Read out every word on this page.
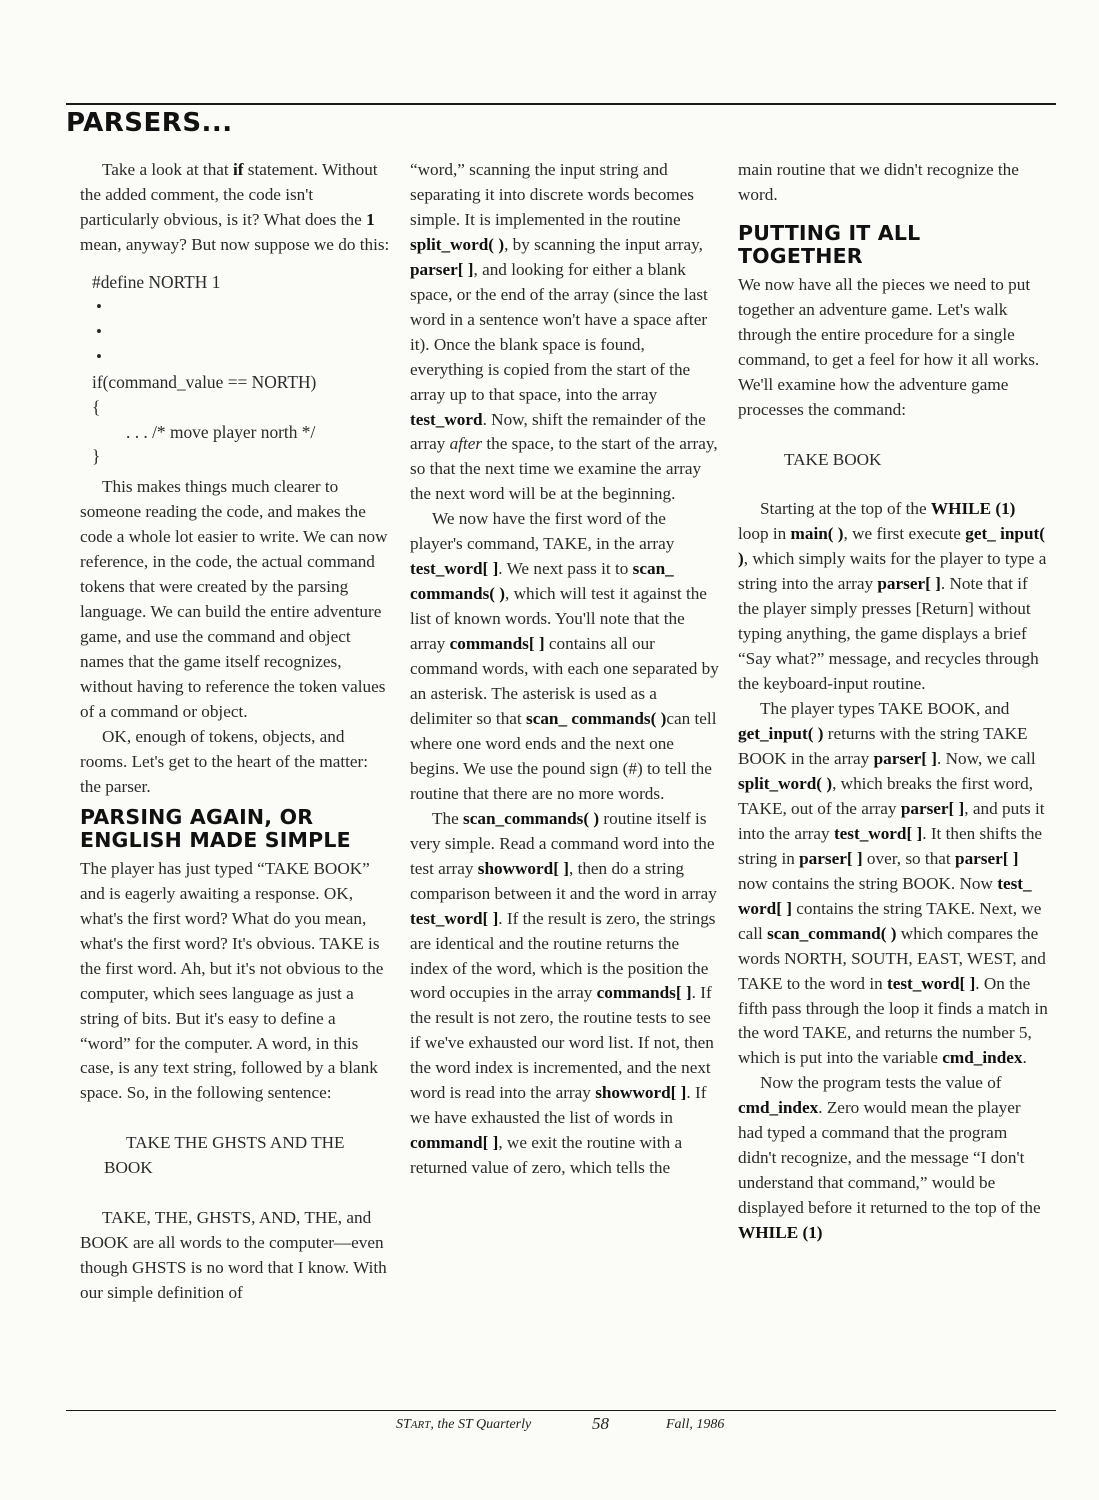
PARSERS...

Take a look at that if statement. Without the added comment, the code isn't particularly obvious, is it? What does the 1 mean, anyway? But now suppose we do this:

#define NORTH 1
•
•
•
if(command_value == NORTH)
{
. . . /* move player north */
}

This makes things much clearer to someone reading the code, and makes the code a whole lot easier to write. We can now reference, in the code, the actual command tokens that were created by the parsing language. We can build the entire adventure game, and use the command and object names that the game itself recognizes, without having to reference the token values of a command or object.

OK, enough of tokens, objects, and rooms. Let's get to the heart of the matter: the parser.

PARSING AGAIN, OR ENGLISH MADE SIMPLE

The player has just typed “TAKE BOOK” and is eagerly awaiting a response. OK, what's the first word? What do you mean, what's the first word? It's obvious. TAKE is the first word. Ah, but it's not obvious to the computer, which sees language as just a string of bits. But it's easy to define a “word” for the computer. A word, in this case, is any text string, followed by a blank space. So, in the following sentence:

TAKE THE GHSTS AND THE BOOK

TAKE, THE, GHSTS, AND, THE, and BOOK are all words to the computer—even though GHSTS is no word that I know. With our simple definition of

“word,” scanning the input string and separating it into discrete words becomes simple. It is implemented in the routine split_word( ), by scanning the input array, parser[ ], and looking for either a blank space, or the end of the array (since the last word in a sentence won't have a space after it). Once the blank space is found, everything is copied from the start of the array up to that space, into the array test_word. Now, shift the remainder of the array after the space, to the start of the array, so that the next time we examine the array the next word will be at the beginning.

We now have the first word of the player's command, TAKE, in the array test_word[ ]. We next pass it to scan_ commands( ), which will test it against the list of known words. You'll note that the array commands[ ] contains all our command words, with each one separated by an asterisk. The asterisk is used as a delimiter so that scan_ commands( )can tell where one word ends and the next one begins. We use the pound sign (#) to tell the routine that there are no more words.

The scan_commands( ) routine itself is very simple. Read a command word into the test array showword[ ], then do a string comparison between it and the word in array test_word[ ]. If the result is zero, the strings are identical and the routine returns the index of the word, which is the position the word occupies in the array commands[ ]. If the result is not zero, the routine tests to see if we've exhausted our word list. If not, then the word index is incremented, and the next word is read into the array showword[ ]. If we have exhausted the list of words in command[ ], we exit the routine with a returned value of zero, which tells the

main routine that we didn't recognize the word.

PUTTING IT ALL TOGETHER

We now have all the pieces we need to put together an adventure game. Let's walk through the entire procedure for a single command, to get a feel for how it all works. We'll examine how the adventure game processes the command:

TAKE BOOK

Starting at the top of the WHILE (1) loop in main( ), we first execute get_ input( ), which simply waits for the player to type a string into the array parser[ ]. Note that if the player simply presses [Return] without typing anything, the game displays a brief “Say what?” message, and recycles through the keyboard-input routine.

The player types TAKE BOOK, and get_input( ) returns with the string TAKE BOOK in the array parser[ ]. Now, we call split_word( ), which breaks the first word, TAKE, out of the array parser[ ], and puts it into the array test_word[ ]. It then shifts the string in parser[ ] over, so that parser[ ] now contains the string BOOK. Now test_ word[ ] contains the string TAKE. Next, we call scan_command( ) which compares the words NORTH, SOUTH, EAST, WEST, and TAKE to the word in test_word[ ]. On the fifth pass through the loop it finds a match in the word TAKE, and returns the number 5, which is put into the variable cmd_index.

Now the program tests the value of cmd_index. Zero would mean the player had typed a command that the program didn't recognize, and the message “I don't understand that command,” would be displayed before it returned to the top of the WHILE (1)

START, the ST Quarterly	58	Fall, 1986
